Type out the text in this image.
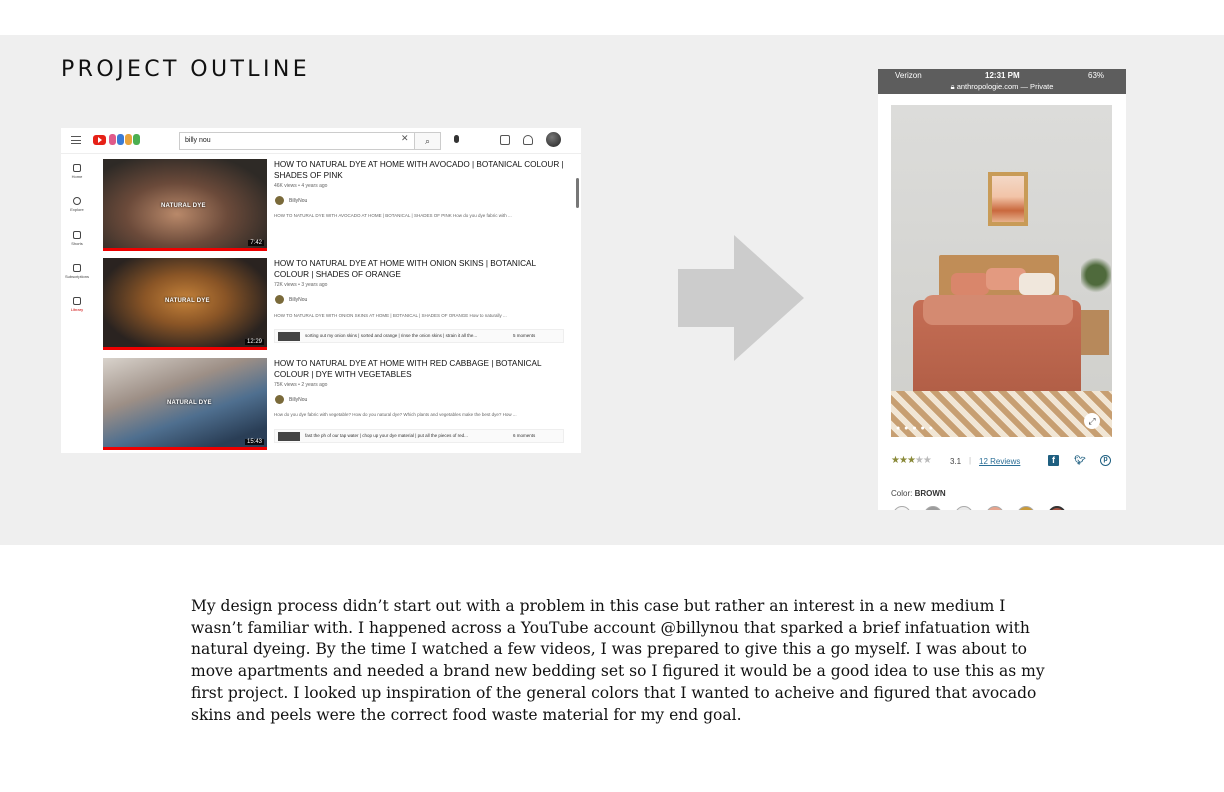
PROJECT OUTLINE
billy nou	✕	⌕
Home
Explore
Shorts
Subscriptions
Library
NATURAL DYE
7:42
HOW TO NATURAL DYE AT HOME WITH AVOCADO | BOTANICAL COLOUR | SHADES OF PINK
46K views • 4 years ago
BillyNou
HOW TO NATURAL DYE WITH AVOCADO AT HOME | BOTANICAL | SHADES OF PINK How do you dye fabric with ...
NATURAL DYE
12:29
HOW TO NATURAL DYE AT HOME WITH ONION SKINS | BOTANICAL COLOUR | SHADES OF ORANGE
72K views • 3 years ago
BillyNou
HOW TO NATURAL DYE WITH ONION SKINS AT HOME | BOTANICAL | SHADES OF ORANGE How to naturally ...
sorting out my onion skins | sorted and orange | rinse the onion skins | strain it all the...	5 moments
NATURAL DYE
15:43
HOW TO NATURAL DYE AT HOME WITH RED CABBAGE | BOTANICAL COLOUR | DYE WITH VEGETABLES
75K views • 2 years ago
BillyNou
How do you dye fabric with vegetable? How do you natural dye? Which plants and vegetables make the best dye? How ...
fast the ph of our tap water | chop up your dye material | put all the pieces of red...	6 moments
Verizon	12:31 PM	63%
🔒︎ anthropologie.com — Private
● ● ● ● ●
⤢
★★★★★ 3.1 | 12 Reviews	f	🐦︎	p
Color: BROWN

My design process didn’t start out with a problem in this case but rather an interest in a new medium I wasn’t familiar with. I happened across a YouTube account @billynou that sparked a brief infatuation with natural dyeing. By the time I watched a few videos, I was prepared to give this a go myself. I was about to move apartments and needed a brand new bedding set so I figured it would be a good idea to use this as my first project. I looked up inspiration of the general colors that I wanted to acheive and figured that avocado skins and peels were the correct food waste material for my end goal.
